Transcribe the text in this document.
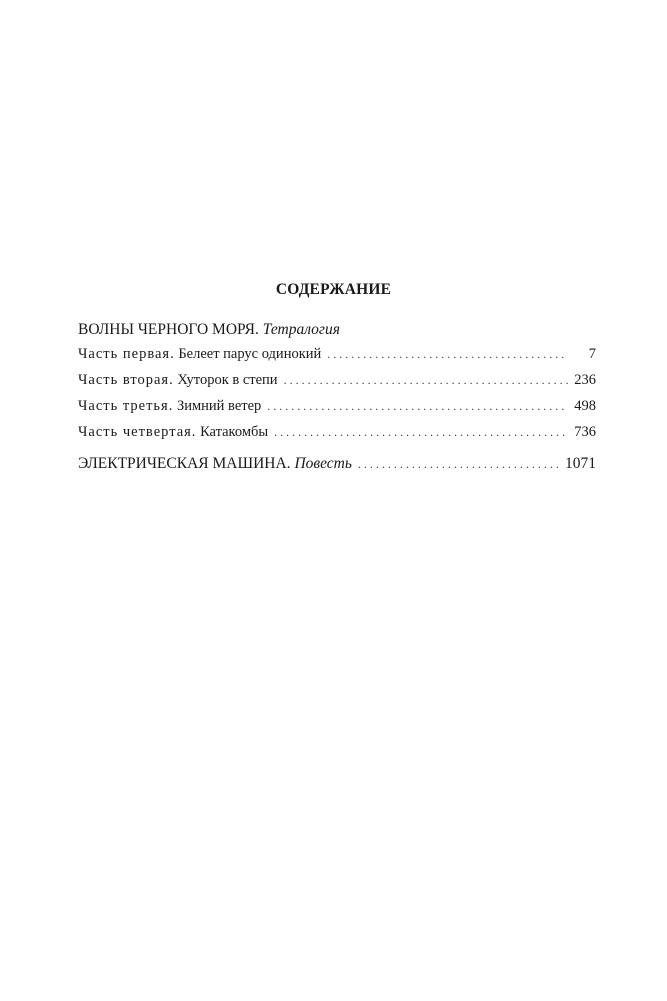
СОДЕРЖАНИЕ
ВОЛНЫ ЧЕРНОГО МОРЯ. Тетралогия
Часть первая. Белеет парус одинокий . . .	7
Часть вторая. Хуторок в степи . . .	236
Часть третья. Зимний ветер . . .	498
Часть четвертая. Катакомбы . . .	736
ЭЛЕКТРИЧЕСКАЯ МАШИНА. Повесть . . .	1071
